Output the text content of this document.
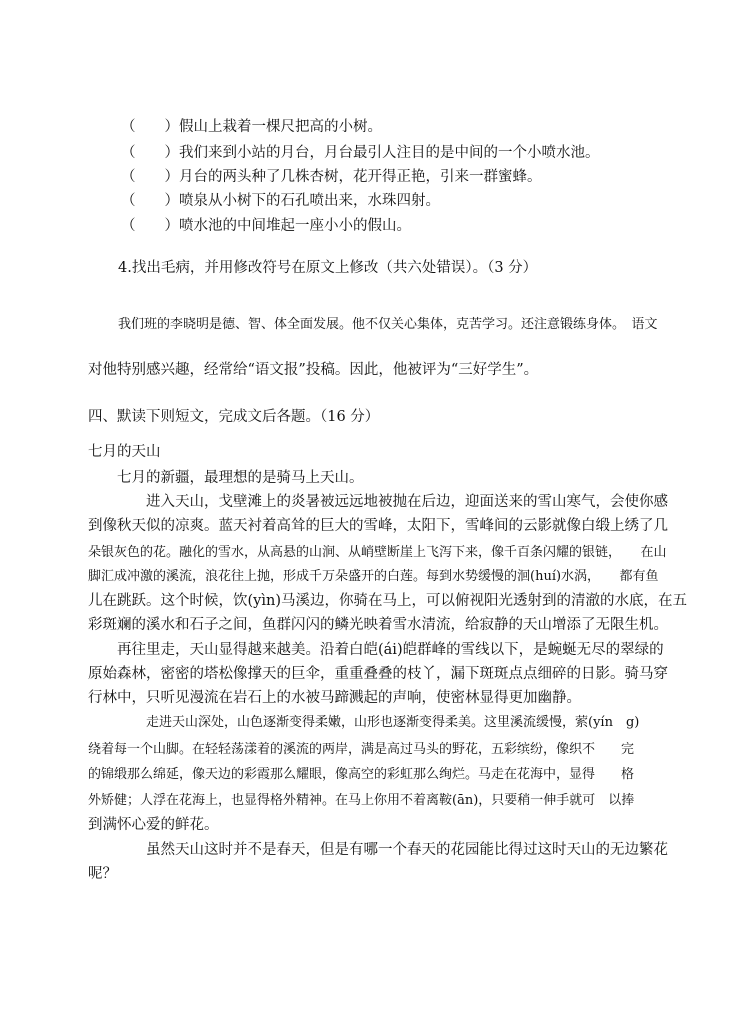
（　　）假山上栽着一棵尺把高的小树。
（　　）我们来到小站的月台，月台最引人注目的是中间的一个小喷水池。
（　　）月台的两头种了几株杏树，花开得正艳，引来一群蜜蜂。
（　　）喷泉从小树下的石孔喷出来，水珠四射。
（　　）喷水池的中间堆起一座小小的假山。
4.找出毛病，并用修改符号在原文上修改（共六处错误）。（3 分）
我们班的李晓明是德、智、体全面发展。他不仅关心集体，克苦学习。还注意锻练身体。　语文
对他特别感兴趣，经常给“语文报”投稿。因此，他被评为“三好学生”。
四、默读下则短文，完成文后各题。（16 分）
七月的天山
七月的新疆，最理想的是骑马上天山。
进入天山，戈壁滩上的炎暑被远远地被抛在后边，迎面送来的雪山寒气，会使你感
到像秋天似的凉爽。蓝天衬着高耸的巨大的雪峰，太阳下，雪峰间的云影就像白缎上绣了几
朵银灰色的花。融化的雪水，从高悬的山涧、从峭壁断崖上飞泻下来，像千百条闪耀的银链，　　在山
脚汇成冲激的溪流，浪花往上抛，形成千万朵盛开的白莲。每到水势缓慢的洄(huí)水涡，　　都有鱼
儿在跳跃。这个时候，饮(yìn)马溪边，你骑在马上，可以俯视阳光透射到的清澈的水底，在五
彩斑斓的溪水和石子之间，鱼群闪闪的鳞光映着雪水清流，给寂静的天山增添了无限生机。
再往里走，天山显得越来越美。沿着白皑(ái)皑群峰的雪线以下，是蜿蜒无尽的翠绿的
原始森林，密密的塔松像撑天的巨伞，重重叠叠的枝丫，漏下斑斑点点细碎的日影。骑马穿
行林中，只听见漫流在岩石上的水被马蹄溅起的声响，使密林显得更加幽静。
走进天山深处，山色逐渐变得柔嫩，山形也逐渐变得柔美。这里溪流缓慢，萦(yín　g)
绕着每一个山脚。在轻轻荡漾着的溪流的两岸，满是高过马头的野花，五彩缤纷，像织不　　完
的锦缎那么绵延，像天边的彩霞那么耀眼，像高空的彩虹那么绚烂。马走在花海中，显得　　格
外矫健；人浮在花海上，也显得格外精神。在马上你用不着离鞍(ān)，只要稍一伸手就可　以捧
到满怀心爱的鲜花。
虽然天山这时并不是春天，但是有哪一个春天的花园能比得过这时天山的无边繁花
呢？
